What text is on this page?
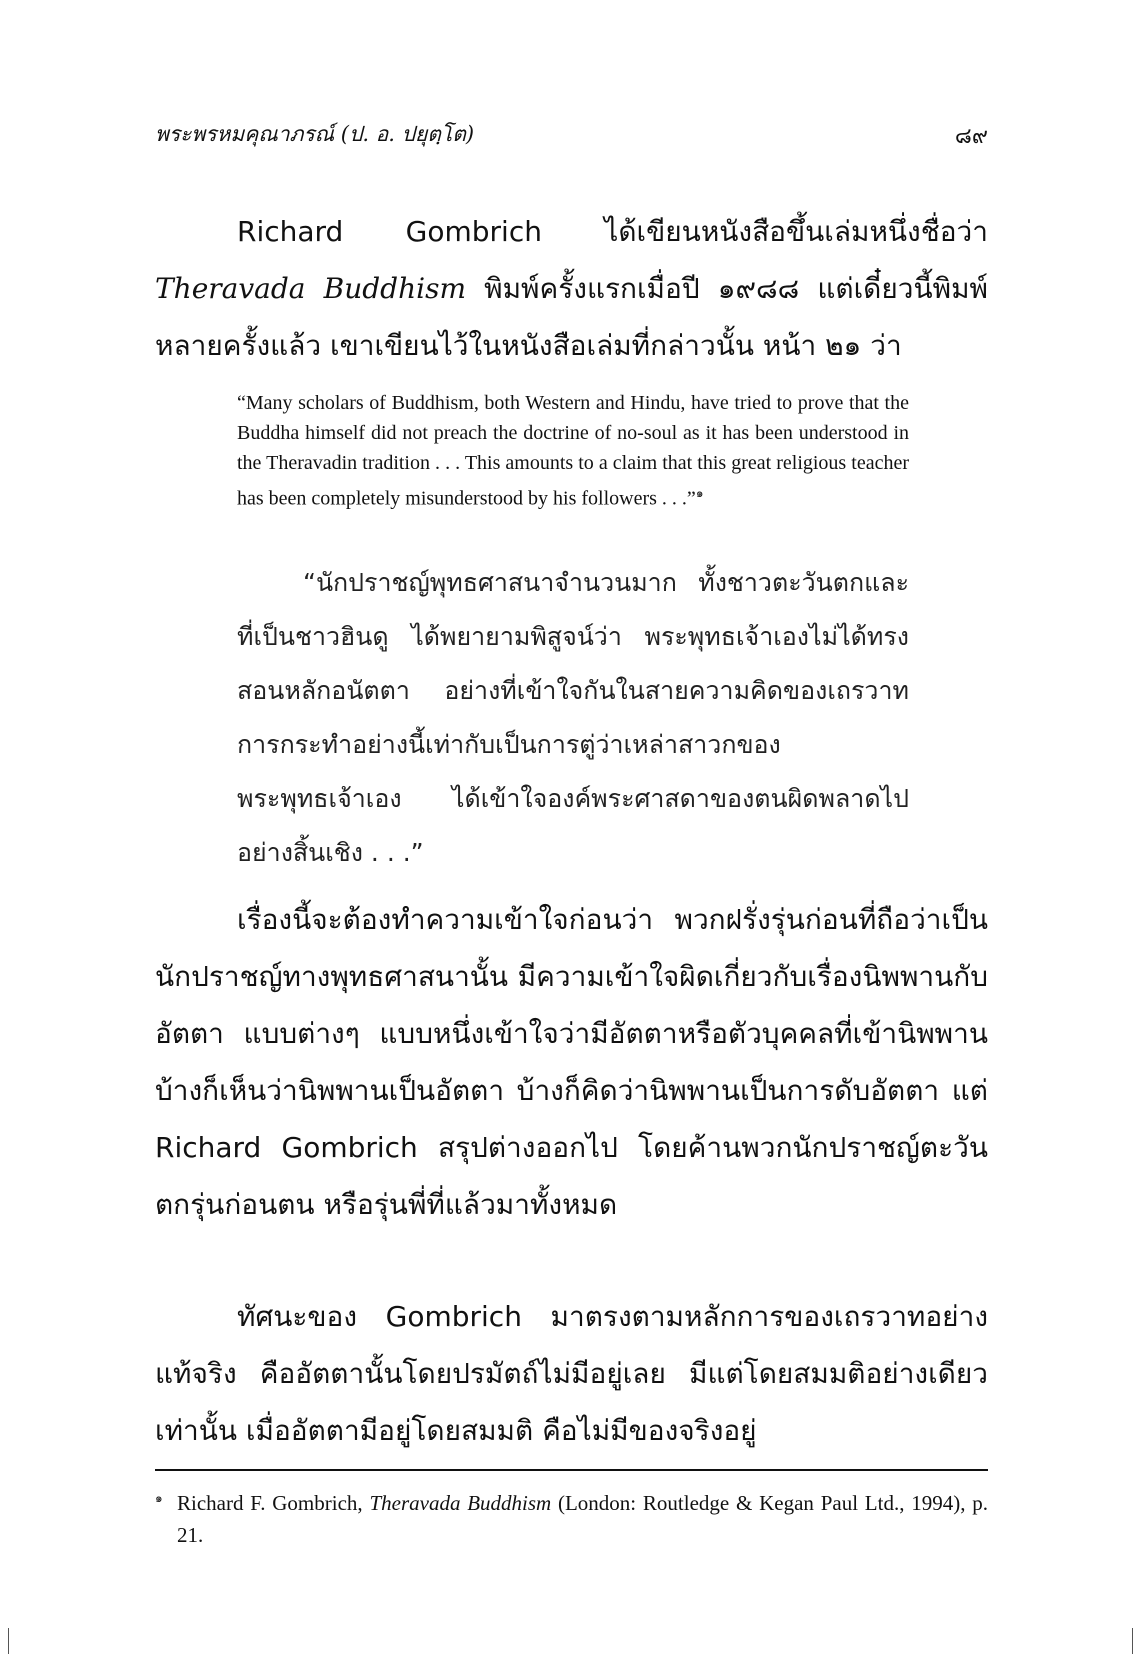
พระพรหมคุณาภรณ์ (ป. อ. ปยุตฺโต)	๘๙

Richard Gombrich ได้เขียนหนังสือขึ้นเล่มหนึ่งชื่อว่า Theravada Buddhism พิมพ์ครั้งแรกเมื่อปี ๑๙๘๘ แต่เดี๋ยวนี้พิมพ์หลายครั้งแล้ว เขาเขียนไว้ในหนังสือเล่มที่กล่าวนั้น หน้า ๒๑ ว่า

“Many scholars of Buddhism, both Western and Hindu, have tried to prove that the Buddha himself did not preach the doctrine of no-soul as it has been understood in the Theravadin tradition . . . This amounts to a claim that this great religious teacher has been completely misunderstood by his followers . . .”$^๑$

“นักปราชญ์พุทธศาสนาจำนวนมาก ทั้งชาวตะวันตกและที่เป็นชาวฮินดู ได้พยายามพิสูจน์ว่า พระพุทธเจ้าเองไม่ได้ทรงสอนหลักอนัตตา อย่างที่เข้าใจกันในสายความคิดของเถรวาท การกระทำอย่างนี้เท่ากับเป็นการตู่ว่าเหล่าสาวกของพระพุทธเจ้าเอง ได้เข้าใจองค์พระศาสดาของตนผิดพลาดไปอย่างสิ้นเชิง . . .”

เรื่องนี้จะต้องทำความเข้าใจก่อนว่า พวกฝรั่งรุ่นก่อนที่ถือว่าเป็นนักปราชญ์ทางพุทธศาสนานั้น มีความเข้าใจผิดเกี่ยวกับเรื่องนิพพานกับอัตตา แบบต่างๆ แบบหนึ่งเข้าใจว่ามีอัตตาหรือตัวบุคคลที่เข้านิพพาน บ้างก็เห็นว่านิพพานเป็นอัตตา บ้างก็คิดว่านิพพานเป็นการดับอัตตา แต่ Richard Gombrich สรุปต่างออกไป โดยค้านพวกนักปราชญ์ตะวันตกรุ่นก่อนตน หรือรุ่นพี่ที่แล้วมาทั้งหมด

ทัศนะของ Gombrich มาตรงตามหลักการของเถรวาทอย่างแท้จริง คืออัตตานั้นโดยปรมัตถ์ไม่มีอยู่เลย มีแต่โดยสมมติอย่างเดียวเท่านั้น เมื่ออัตตามีอยู่โดยสมมติ คือไม่มีของจริงอยู่

$^๑$ Richard F. Gombrich, Theravada Buddhism (London: Routledge & Kegan Paul Ltd., 1994), p. 21.
